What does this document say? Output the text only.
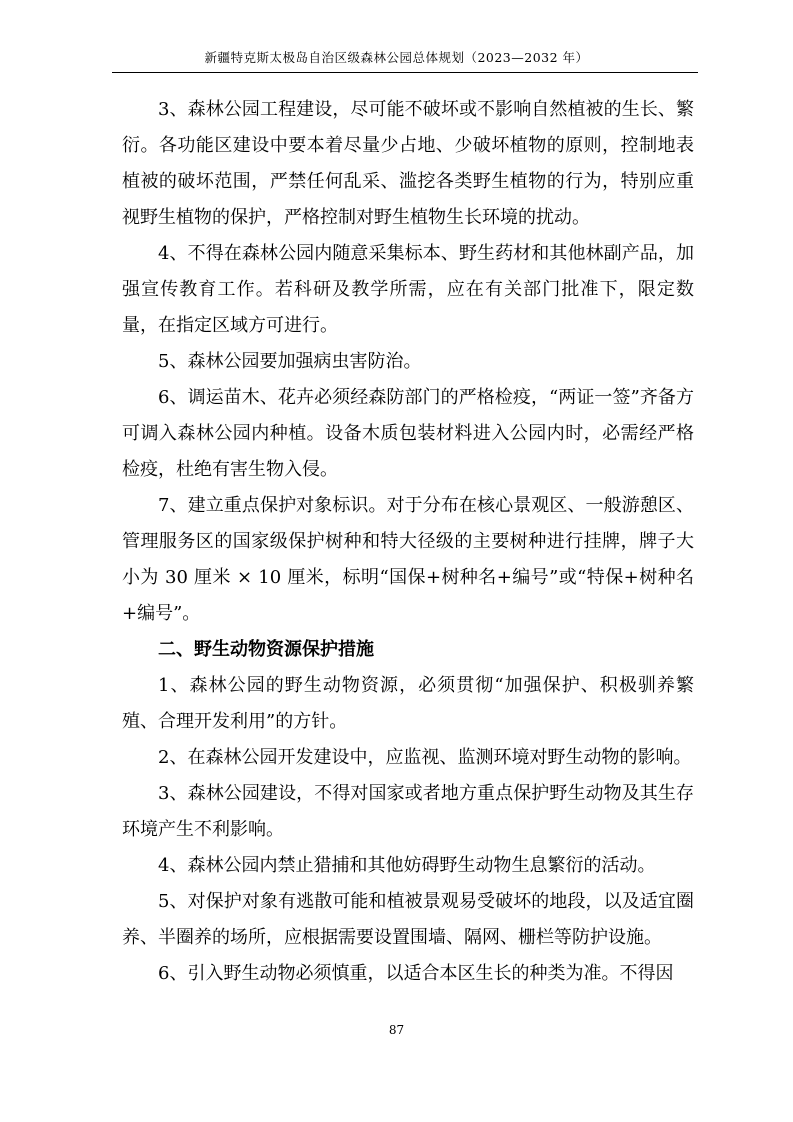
新疆特克斯太极岛自治区级森林公园总体规划（2023—2032 年）

3、森林公园工程建设，尽可能不破坏或不影响自然植被的生长、繁衍。各功能区建设中要本着尽量少占地、少破坏植物的原则，控制地表植被的破坏范围，严禁任何乱采、滥挖各类野生植物的行为，特别应重视野生植物的保护，严格控制对野生植物生长环境的扰动。

4、不得在森林公园内随意采集标本、野生药材和其他林副产品，加强宣传教育工作。若科研及教学所需，应在有关部门批准下，限定数量，在指定区域方可进行。

5、森林公园要加强病虫害防治。

6、调运苗木、花卉必须经森防部门的严格检疫，“两证一签”齐备方可调入森林公园内种植。设备木质包装材料进入公园内时，必需经严格检疫，杜绝有害生物入侵。

7、建立重点保护对象标识。对于分布在核心景观区、一般游憩区、管理服务区的国家级保护树种和特大径级的主要树种进行挂牌，牌子大小为 30 厘米 × 10 厘米，标明“国保+树种名+编号”或“特保+树种名+编号”。

二、野生动物资源保护措施

1、森林公园的野生动物资源，必须贯彻“加强保护、积极驯养繁殖、合理开发利用”的方针。

2、在森林公园开发建设中，应监视、监测环境对野生动物的影响。

3、森林公园建设，不得对国家或者地方重点保护野生动物及其生存环境产生不利影响。

4、森林公园内禁止猎捕和其他妨碍野生动物生息繁衍的活动。

5、对保护对象有逃散可能和植被景观易受破坏的地段，以及适宜圈养、半圈养的场所，应根据需要设置围墙、隔网、栅栏等防护设施。

6、引入野生动物必须慎重，以适合本区生长的种类为准。不得因

87
